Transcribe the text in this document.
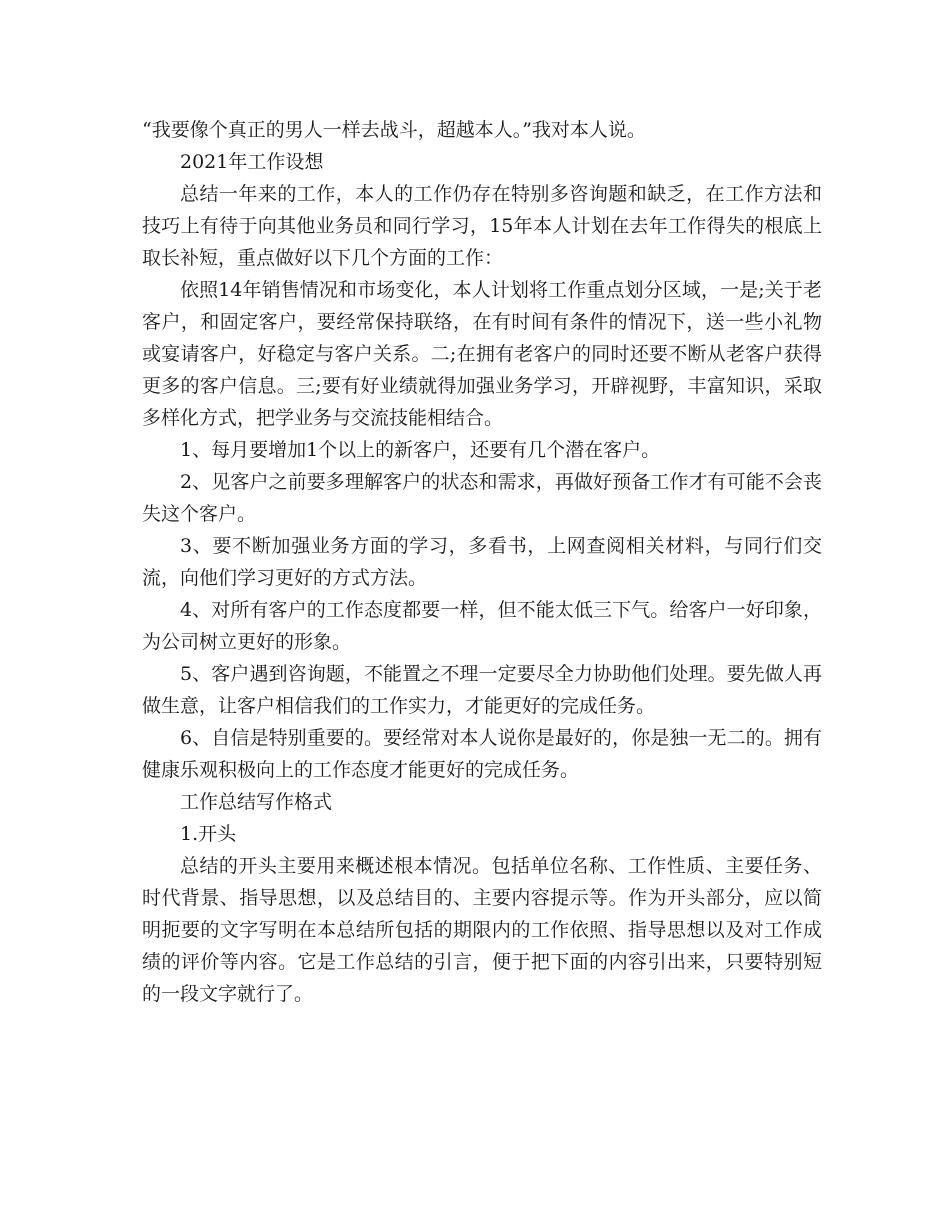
“我要像个真正的男人一样去战斗，超越本人。”我对本人说。

2021年工作设想

总结一年来的工作，本人的工作仍存在特别多咨询题和缺乏，在工作方法和技巧上有待于向其他业务员和同行学习，15年本人计划在去年工作得失的根底上取长补短，重点做好以下几个方面的工作：

依照14年销售情况和市场变化，本人计划将工作重点划分区域，一是;关于老客户，和固定客户，要经常保持联络，在有时间有条件的情况下，送一些小礼物或宴请客户，好稳定与客户关系。二;在拥有老客户的同时还要不断从老客户获得更多的客户信息。三;要有好业绩就得加强业务学习，开辟视野，丰富知识，采取多样化方式，把学业务与交流技能相结合。

1、每月要增加1个以上的新客户，还要有几个潜在客户。

2、见客户之前要多理解客户的状态和需求，再做好预备工作才有可能不会丧失这个客户。

3、要不断加强业务方面的学习，多看书，上网查阅相关材料，与同行们交流，向他们学习更好的方式方法。

4、对所有客户的工作态度都要一样，但不能太低三下气。给客户一好印象，为公司树立更好的形象。

5、客户遇到咨询题，不能置之不理一定要尽全力协助他们处理。要先做人再做生意，让客户相信我们的工作实力，才能更好的完成任务。

6、自信是特别重要的。要经常对本人说你是最好的，你是独一无二的。拥有健康乐观积极向上的工作态度才能更好的完成任务。

工作总结写作格式

1.开头

总结的开头主要用来概述根本情况。包括单位名称、工作性质、主要任务、时代背景、指导思想，以及总结目的、主要内容提示等。作为开头部分，应以简明扼要的文字写明在本总结所包括的期限内的工作依照、指导思想以及对工作成绩的评价等内容。它是工作总结的引言，便于把下面的内容引出来，只要特别短的一段文字就行了。
